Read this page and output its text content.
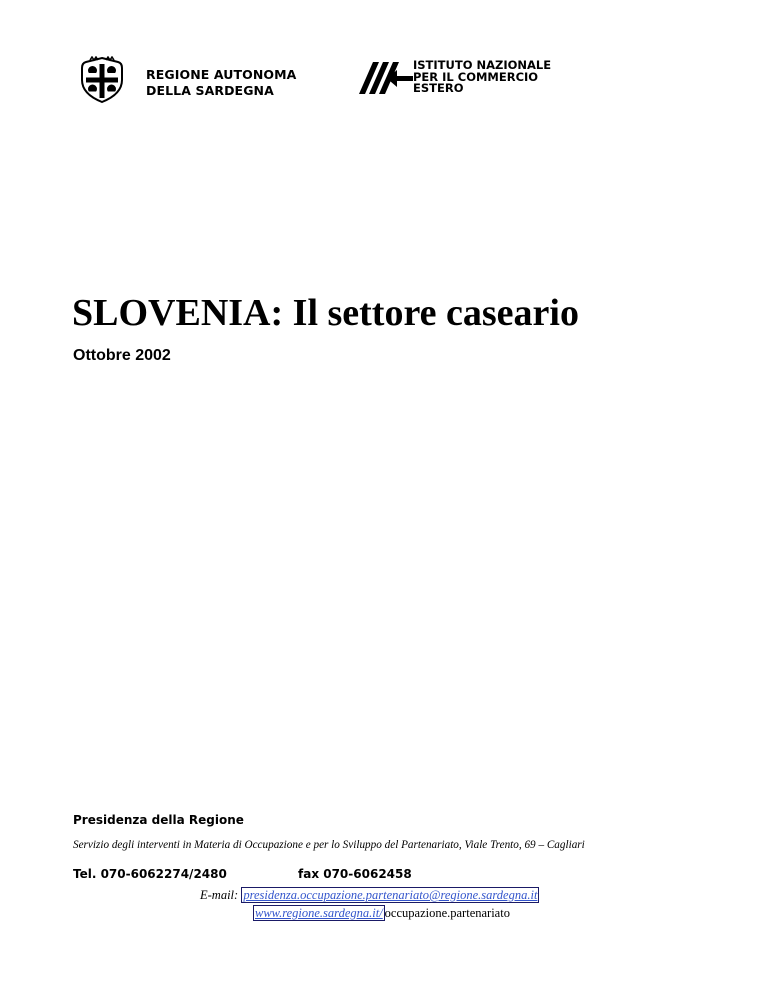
REGIONE AUTONOMA
DELLA SARDEGNA
ISTITUTO NAZIONALE
PER IL COMMERCIO
ESTERO
SLOVENIA: Il settore caseario
Ottobre 2002
Presidenza della Regione
Servizio degli interventi in Materia di Occupazione e per lo Sviluppo del Partenariato, Viale Trento, 69 – Cagliari
Tel. 070-6062274/2480	fax 070-6062458
E-mail: presidenza.occupazione.partenariato@regione.sardegna.it
www.regione.sardegna.it/ occupazione.partenariato
